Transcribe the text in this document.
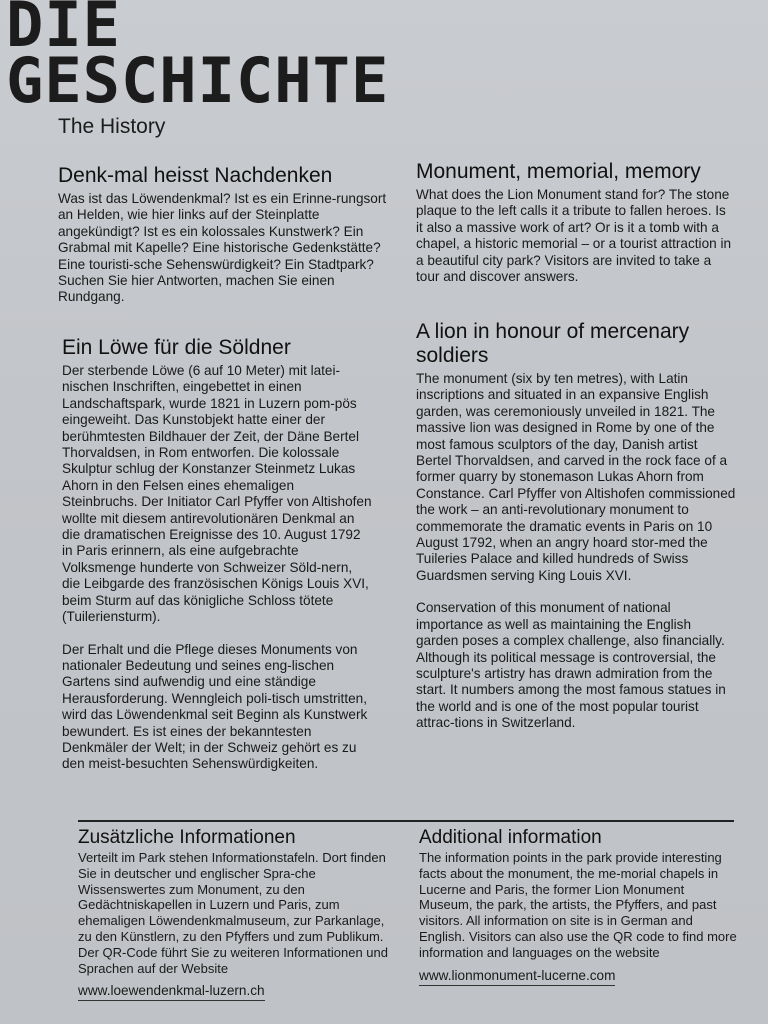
DIE
GESCHICHTE
The History
Denk-mal heisst Nachdenken

Was ist das Löwendenkmal? Ist es ein Erinne-rungsort an Helden, wie hier links auf der Steinplatte angekündigt? Ist es ein kolossales Kunstwerk? Ein Grabmal mit Kapelle? Eine historische Gedenkstätte? Eine touristi-sche Sehenswürdigkeit? Ein Stadtpark? Suchen Sie hier Antworten, machen Sie einen Rundgang.

Ein Löwe für die Söldner

Der sterbende Löwe (6 auf 10 Meter) mit latei-nischen Inschriften, eingebettet in einen Landschaftspark, wurde 1821 in Luzern pom-pös eingeweiht. Das Kunstobjekt hatte einer der berühmtesten Bildhauer der Zeit, der Däne Bertel Thorvaldsen, in Rom entworfen. Die kolossale Skulptur schlug der Konstanzer Steinmetz Lukas Ahorn in den Felsen eines ehemaligen Steinbruchs. Der Initiator Carl Pfyffer von Altishofen wollte mit diesem antirevolutionären Denkmal an die dramatischen Ereignisse des 10. August 1792 in Paris erinnern, als eine aufgebrachte Volksmenge hunderte von Schweizer Söld-nern, die Leibgarde des französischen Königs Louis XVI, beim Sturm auf das königliche Schloss tötete (Tuileriensturm).

Der Erhalt und die Pflege dieses Monuments von nationaler Bedeutung und seines eng-lischen Gartens sind aufwendig und eine ständige Herausforderung. Wenngleich poli-tisch umstritten, wird das Löwendenkmal seit Beginn als Kunstwerk bewundert. Es ist eines der bekanntesten Denkmäler der Welt; in der Schweiz gehört es zu den meist-besuchten Sehenswürdigkeiten.

Monument, memorial, memory

What does the Lion Monument stand for? The stone plaque to the left calls it a tribute to fallen heroes. Is it also a massive work of art? Or is it a tomb with a chapel, a historic memorial – or a tourist attraction in a beautiful city park? Visitors are invited to take a tour and discover answers.

A lion in honour of mercenary soldiers

The monument (six by ten metres), with Latin inscriptions and situated in an expansive English garden, was ceremoniously unveiled in 1821. The massive lion was designed in Rome by one of the most famous sculptors of the day, Danish artist Bertel Thorvaldsen, and carved in the rock face of a former quarry by stonemason Lukas Ahorn from Constance. Carl Pfyffer von Altishofen commissioned the work – an anti-revolutionary monument to commemorate the dramatic events in Paris on 10 August 1792, when an angry hoard stor-med the Tuileries Palace and killed hundreds of Swiss Guardsmen serving King Louis XVI.

Conservation of this monument of national importance as well as maintaining the English garden poses a complex challenge, also financially. Although its political message is controversial, the sculpture's artistry has drawn admiration from the start. It numbers among the most famous statues in the world and is one of the most popular tourist attrac-tions in Switzerland.

Zusätzliche Informationen

Verteilt im Park stehen Informationstafeln. Dort finden Sie in deutscher und englischer Spra-che Wissenswertes zum Monument, zu den Gedächtniskapellen in Luzern und Paris, zum ehemaligen Löwendenkmalmuseum, zur Parkanlage, zu den Künstlern, zu den Pfyffers und zum Publikum. Der QR-Code führt Sie zu weiteren Informationen und Sprachen auf der Website

www.loewendenkmal-luzern.ch
Additional information

The information points in the park provide interesting facts about the monument, the me-morial chapels in Lucerne and Paris, the former Lion Monument Museum, the park, the artists, the Pfyffers, and past visitors. All information on site is in German and English. Visitors can also use the QR code to find more information and languages on the website

www.lionmonument-lucerne.com
